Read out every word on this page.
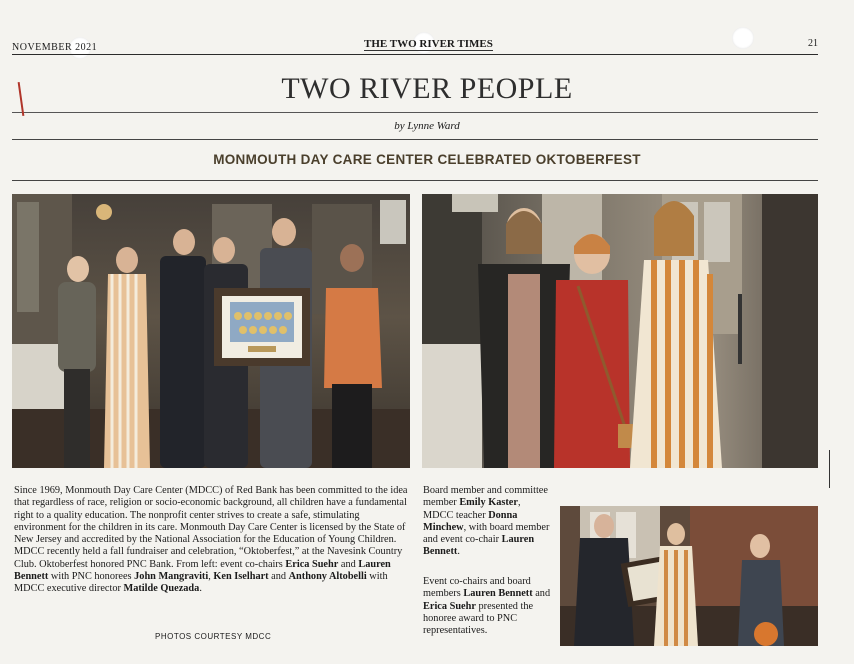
NOVEMBER 2021	THE TWO RIVER TIMES	21
TWO RIVER PEOPLE
by Lynne Ward
MONMOUTH DAY CARE CENTER CELEBRATED OKTOBERFEST
Since 1969, Monmouth Day Care Center (MDCC) of Red Bank has been committed to the idea that regardless of race, religion or socio-economic background, all children have a fundamental right to a quality education. The nonprofit center strives to create a safe, stimulating environment for the children in its care. Monmouth Day Care Center is licensed by the State of New Jersey and accredited by the National Association for the Education of Young Children. MDCC recently held a fall fundraiser and celebration, “Oktoberfest,” at the Navesink Country Club. Oktoberfest honored PNC Bank. From left: event co-chairs Erica Suehr and Lauren Bennett with PNC honorees John Mangraviti, Ken Iselhart and Anthony Altobelli with MDCC executive director Matilde Quezada.
Board member and committee member Emily Kaster, MDCC teacher Donna Minchew, with board member and event co-chair Lauren Bennett.
Event co-chairs and board members Lauren Bennett and Erica Suehr presented the honoree award to PNC representatives.
PHOTOS COURTESY MDCC
